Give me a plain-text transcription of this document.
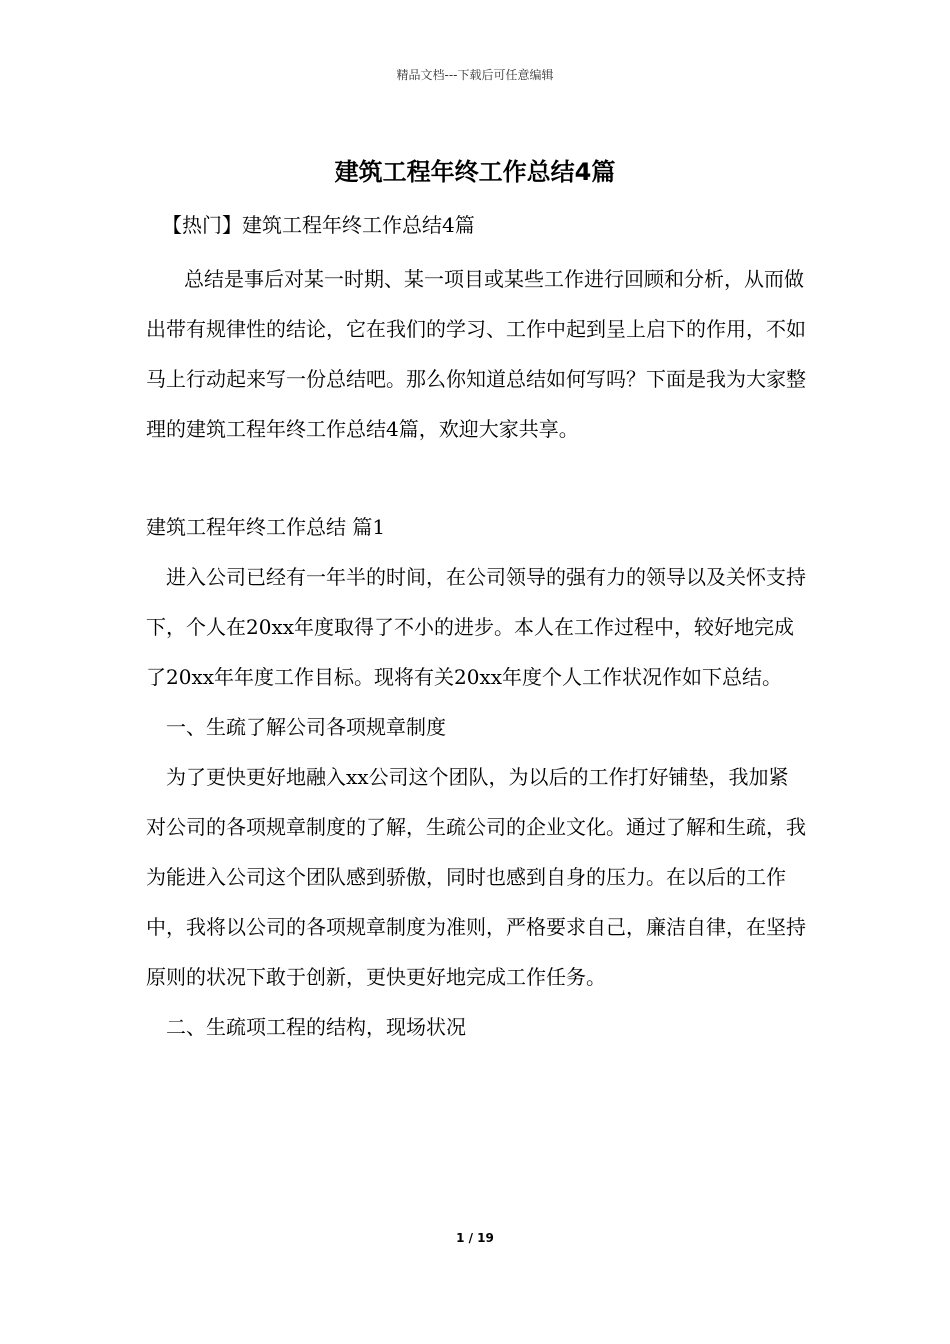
精品文档---下载后可任意编辑
建筑工程年终工作总结4篇

【热门】建筑工程年终工作总结4篇

总结是事后对某一时期、某一项目或某些工作进行回顾和分析，从而做出带有规律性的结论，它在我们的学习、工作中起到呈上启下的作用，不如马上行动起来写一份总结吧。那么你知道总结如何写吗？下面是我为大家整理的建筑工程年终工作总结4篇，欢迎大家共享。

建筑工程年终工作总结 篇1

进入公司已经有一年半的时间，在公司领导的强有力的领导以及关怀支持下，个人在20xx年度取得了不小的进步。本人在工作过程中，较好地完成了20xx年年度工作目标。现将有关20xx年度个人工作状况作如下总结。

一、生疏了解公司各项规章制度

为了更快更好地融入xx公司这个团队，为以后的工作打好铺垫，我加紧对公司的各项规章制度的了解，生疏公司的企业文化。通过了解和生疏，我为能进入公司这个团队感到骄傲，同时也感到自身的压力。在以后的工作中，我将以公司的各项规章制度为准则，严格要求自己，廉洁自律，在坚持原则的状况下敢于创新，更快更好地完成工作任务。

二、生疏项工程的结构，现场状况

1 / 19
